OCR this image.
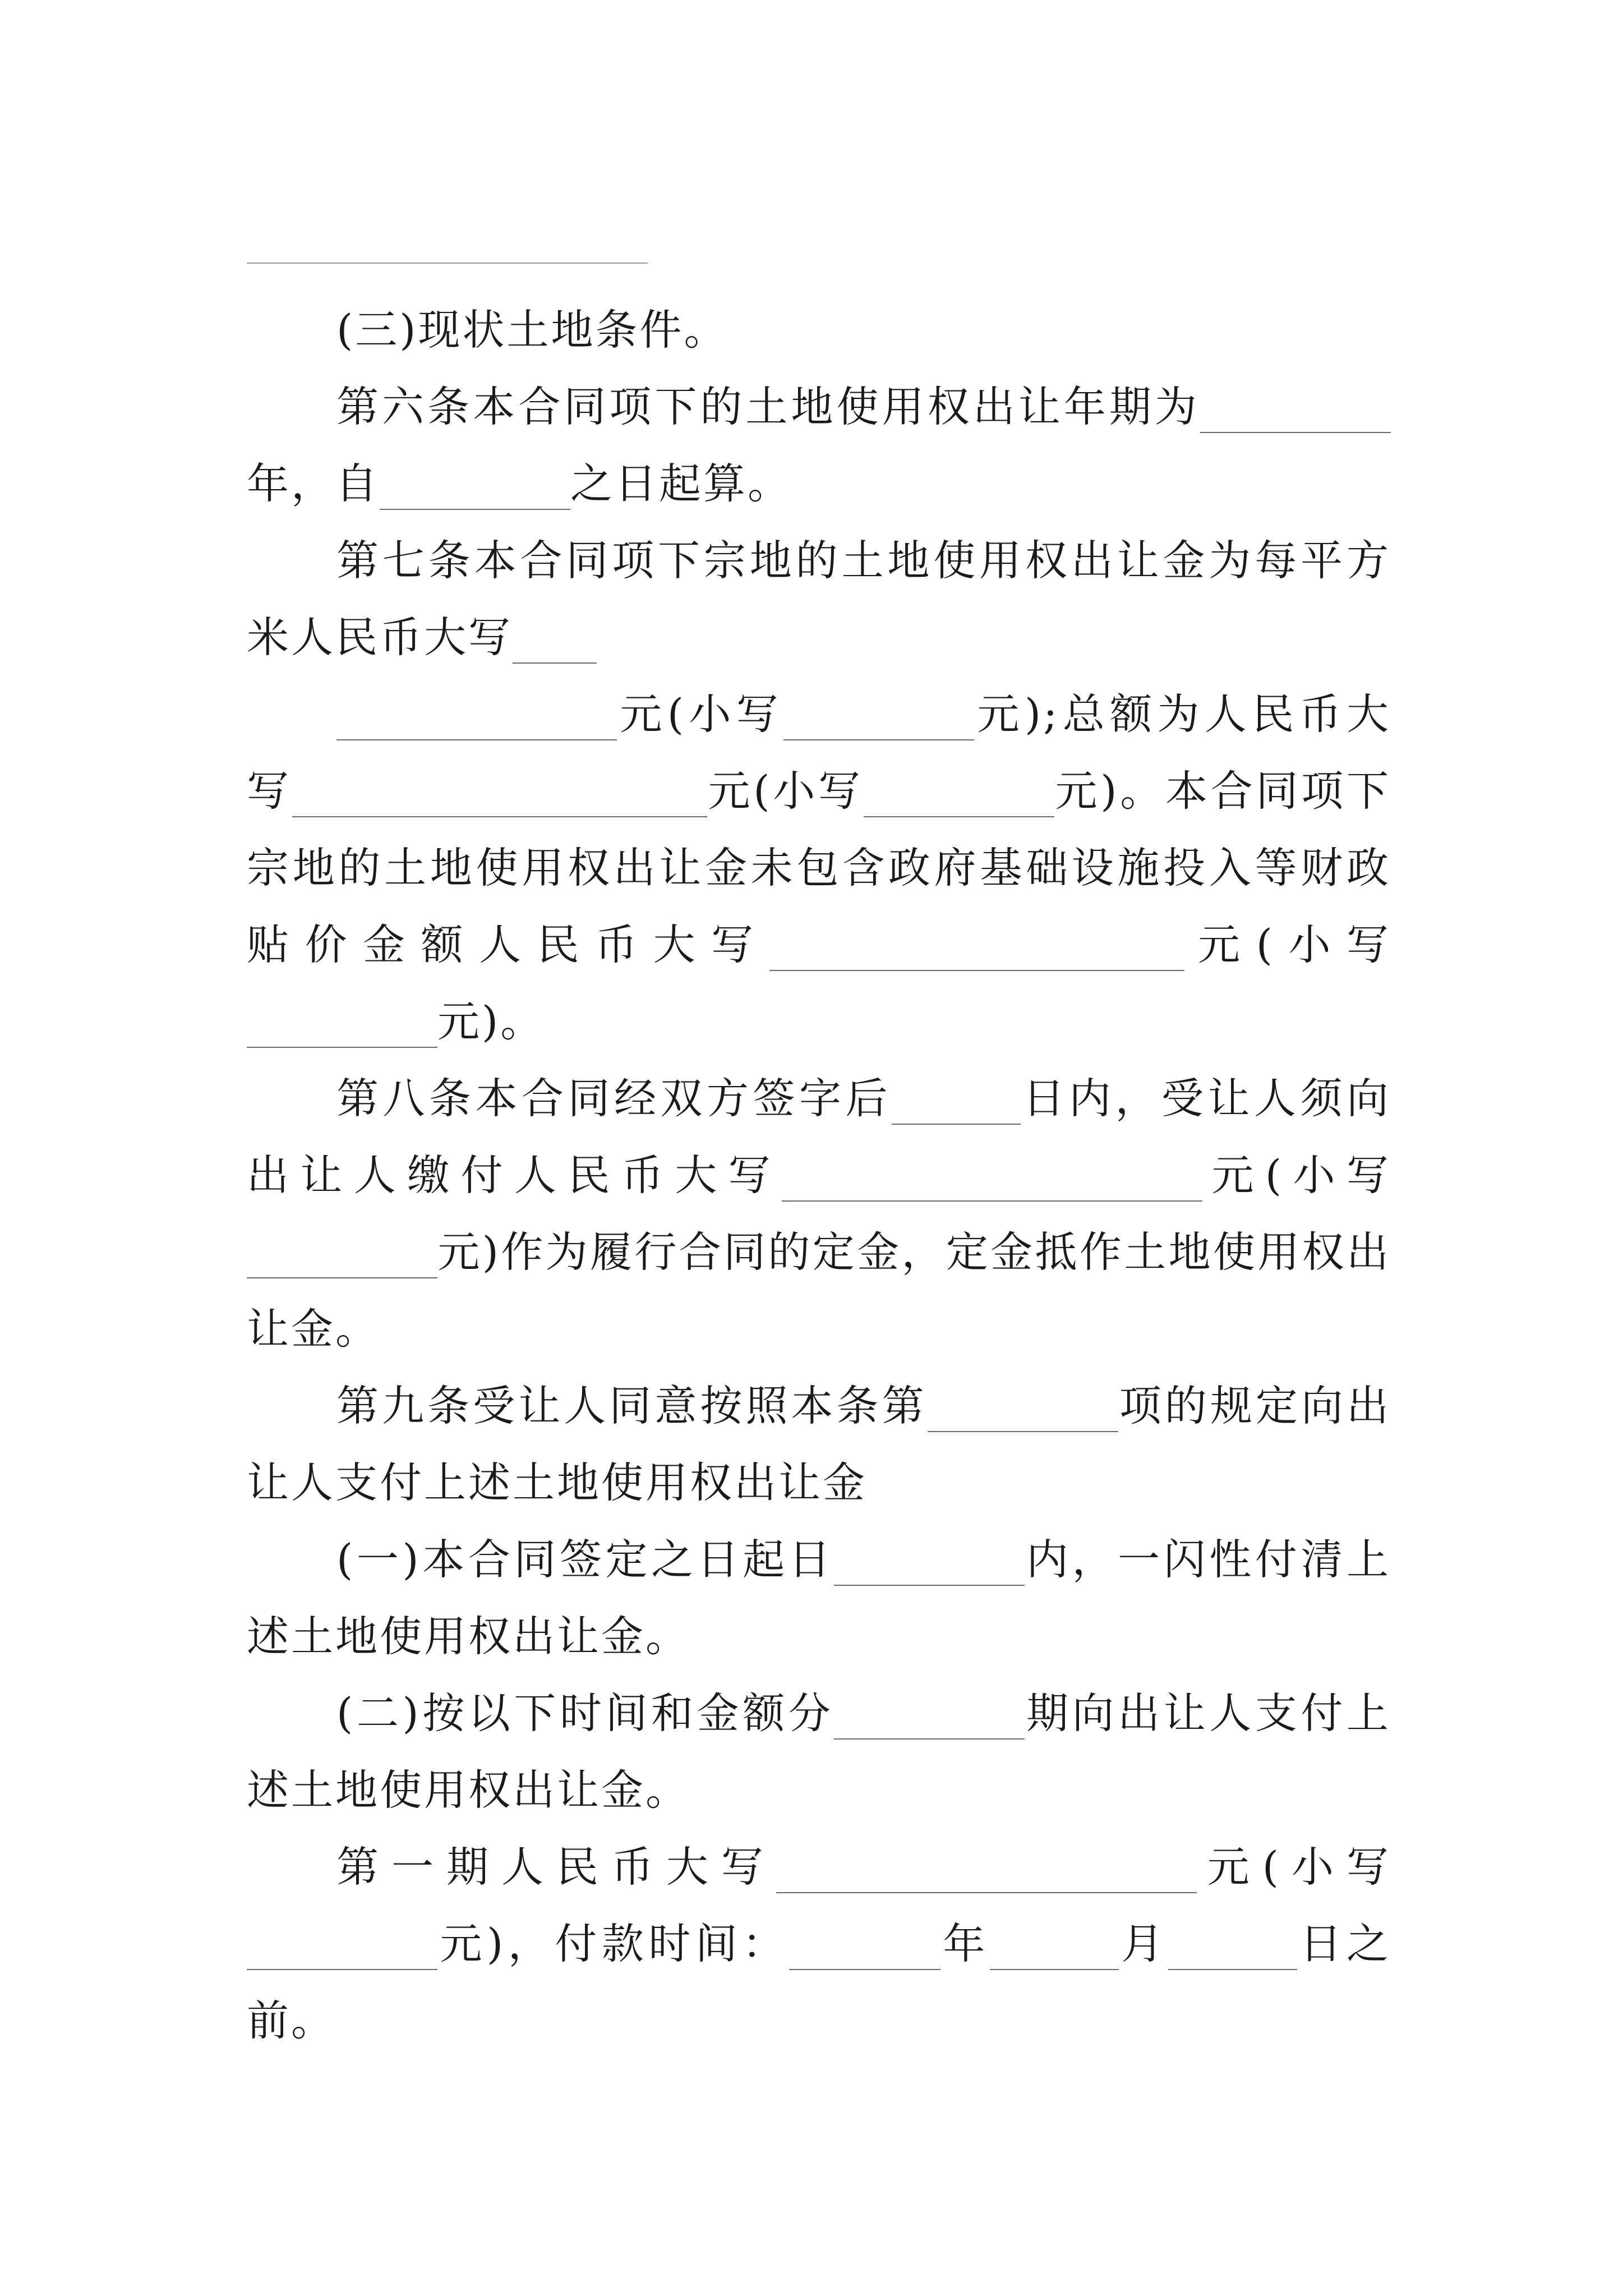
(三)现状土地条件。

第六条本合同项下的土地使用权出让年期为年，自	之日起算。

第七条本合同项下宗地的土地使用权出让金为每平方米人民币大写
元(小写	元);总额为人民币大写	元(小写	元)。本合同项下宗地的土地使用权出让金未包含政府基础设施投入等财政贴价金额人民币大写	元(小写元)。

第八条本合同经双方签字后	日内，受让人须向出让人缴付人民币大写	元(小写元)作为履行合同的定金，定金抵作土地使用权出让金。

第九条受让人同意按照本条第	项的规定向出让人支付上述土地使用权出让金

(一)本合同签定之日起日	内，一闪性付清上述土地使用权出让金。

(二)按以下时间和金额分	期向出让人支付上述土地使用权出让金。

第一期人民币大写	元(小写元)，付款时间：	年	月	日之前。
